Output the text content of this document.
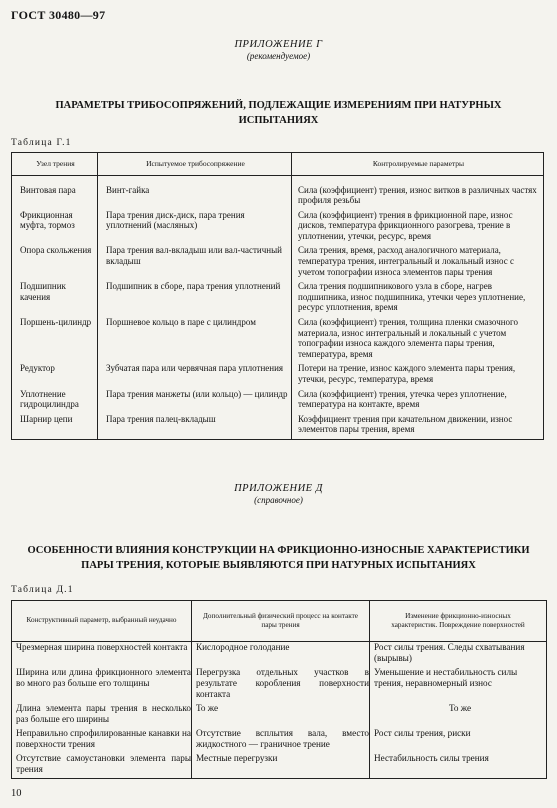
ГОСТ 30480—97
ПРИЛОЖЕНИЕ Г
(рекомендуемое)
ПАРАМЕТРЫ ТРИБОСОПРЯЖЕНИЙ, ПОДЛЕЖАЩИЕ ИЗМЕРЕНИЯМ ПРИ НАТУРНЫХ
ИСПЫТАНИЯХ
Таблица Г.1
Узел трения	Испытуемое трибосопряжение	Контролируемые параметры

Винтовая пара	Винт-гайка	Сила (коэффициент) трения, износ витков в различных частях профиля резьбы
Фрикционная муфта, тормоз	Пара трения диск-диск, пара трения уплотнений (масляных)	Сила (коэффициент) трения в фрикционной паре, износ дисков, температура фрикционного разогрева, трение в уплотнении, утечки, ресурс, время
Опора скольжения	Пара трения вал-вкладыш или вал-частичный вкладыш	Сила трения, время, расход аналогичного материала, температура трения, интегральный и локальный износ с учетом топографии износа элементов пары трения
Подшипник качения	Подшипник в сборе, пара трения уплотнений	Сила трения подшипникового узла в сборе, нагрев подшипника, износ подшипника, утечки через уплотнение, ресурс уплотнения, время
Поршень-цилиндр	Поршневое кольцо в паре с цилиндром	Сила (коэффициент) трения, толщина пленки смазочного материала, износ интегральный и локальный с учетом топографии износа каждого элемента пары трения, температура, время
Редуктор	Зубчатая пара или червячная пара уплотнения	Потери на трение, износ каждого элемента пары трения, утечки, ресурс, температура, время
Уплотнение гидроцилиндра	Пара трения манжеты (или кольцо) — цилиндр	Сила (коэффициент) трения, утечка через уплотнение, температура на контакте, время
Шарнир цепи	Пара трения палец-вкладыш	Коэффициент трения при качательном движении, износ элементов пары трения, время
ПРИЛОЖЕНИЕ Д
(справочное)
ОСОБЕННОСТИ ВЛИЯНИЯ КОНСТРУКЦИИ НА ФРИКЦИОННО-ИЗНОСНЫЕ ХАРАКТЕРИСТИКИ
ПАРЫ ТРЕНИЯ, КОТОРЫЕ ВЫЯВЛЯЮТСЯ ПРИ НАТУРНЫХ ИСПЫТАНИЯХ
Таблица Д.1
Конструктивный параметр, выбранный неудачно	Дополнительный физический процесс на контакте пары трения	Изменение фрикционно-износных характеристик. Повреждение поверхностей
Чрезмерная ширина поверхностей контакта	Кислородное голодание	Рост силы трения. Следы схватывания (вырывы)
Ширина или длина фрикционного элемента во много раз больше его толщины	Перегрузка отдельных участков в результате коробления поверхности контакта	Уменьшение и нестабильность силы трения, неравномерный износ
Длина элемента пары трения в несколько раз больше его ширины	То же	То же
Неправильно спрофилированные канавки на поверхности трения	Отсутствие всплытия вала, вместо жидкостного — граничное трение	Рост силы трения, риски
Отсутствие самоустановки элемента пары трения	Местные перегрузки	Нестабильность силы трения
10
